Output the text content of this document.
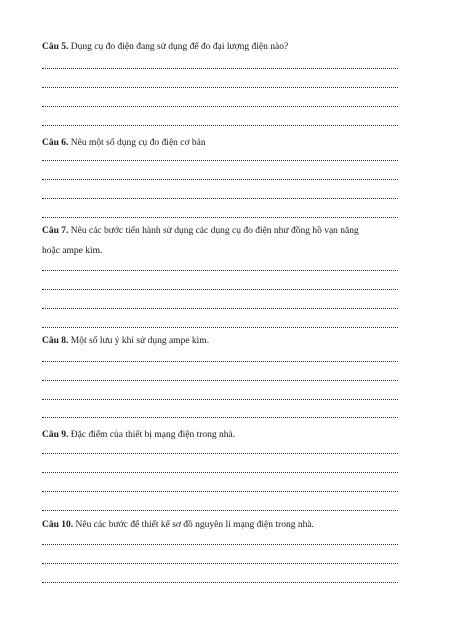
Câu 5. Dụng cụ đo điện đang sử dụng để đo đại lượng điện nào?
Câu 6. Nêu một số dụng cụ đo điện cơ bản
Câu 7. Nêu các bước tiến hành sử dụng các dụng cụ đo điện như đồng hồ vạn năng
hoặc ampe kìm.
Câu 8. Một số lưu ý khi sử dụng ampe kìm.
Câu 9. Đặc điểm của thiết bị mạng điện trong nhà.
Câu 10. Nêu các bước để thiết kế sơ đồ nguyên lí mạng điện trong nhà.
